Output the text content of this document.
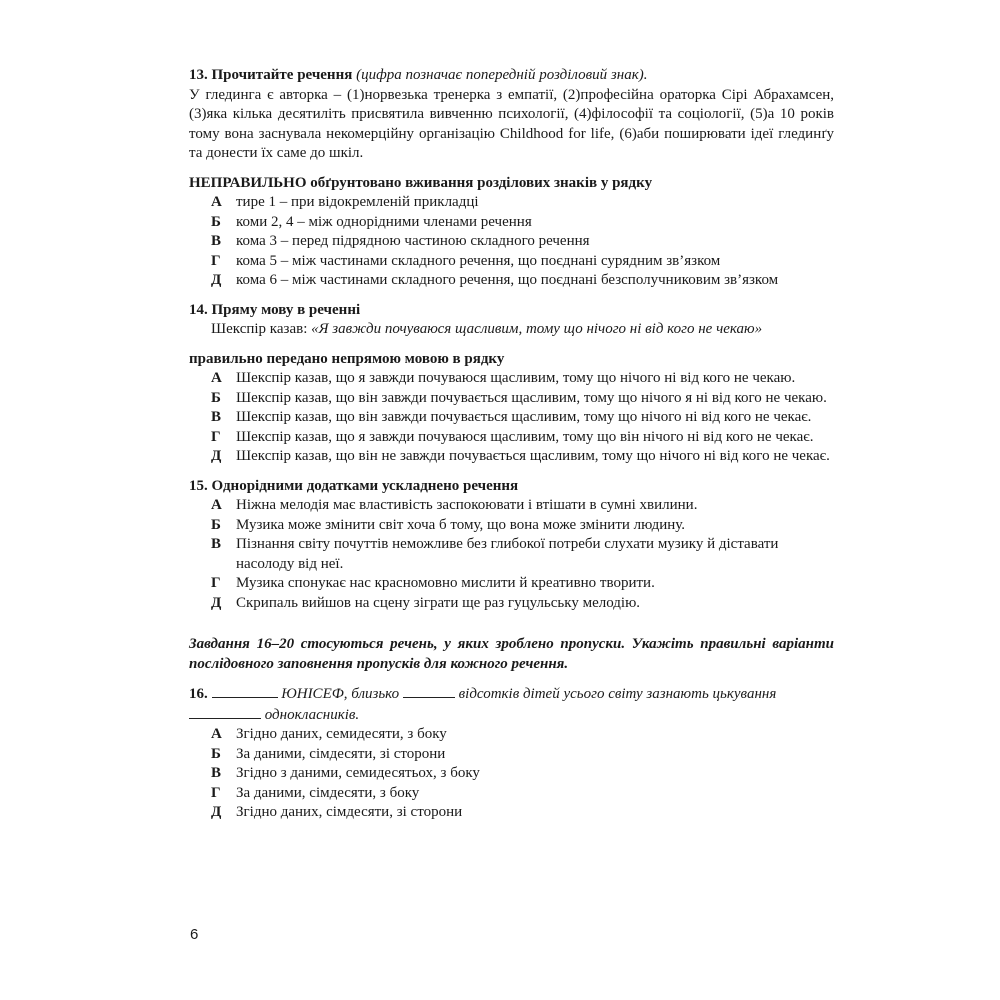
13. Прочитайте речення (цифра позначає попередній розділовий знак).
У глединга є авторка – (1)норвезька тренерка з емпатії, (2)професійна ораторка Сірі Абрахамсен, (3)яка кілька десятиліть присвятила вивченню психології, (4)філософії та соціології, (5)а 10 років тому вона заснувала некомерційну організацію Childhood for life, (6)аби поширювати ідеї глединґу та донести їх саме до шкіл.
НЕПРАВИЛЬНО обґрунтовано вживання розділових знаків у рядку
А тире 1 – при відокремленій прикладці
Б	коми 2, 4 – між однорідними членами речення
В кома 3 – перед підрядною частиною складного речення
Г	кома 5 – між частинами складного речення, що поєднані сурядним зв’язком
Д кома 6 – між частинами складного речення, що поєднані безсполучниковим зв’язком
14. Пряму мову в реченні
Шекспір казав: «Я завжди почуваюся щасливим, тому що нічого ні від кого не чекаю»
правильно передано непрямою мовою в рядку
А Шекспір казав, що я завжди почуваюся щасливим, тому що нічого ні від кого не чекаю.
Б	Шекспір казав, що він завжди почувається щасливим, тому що нічого я ні від кого не чекаю.
В Шекспір казав, що він завжди почувається щасливим, тому що нічого ні від кого не чекає.
Г	Шекспір казав, що я завжди почуваюся щасливим, тому що він нічого ні від кого не чекає.
Д Шекспір казав, що він не завжди почувається щасливим, тому що нічого ні від кого не чекає.
15. Однорідними додатками ускладнено речення
А Ніжна мелодія має властивість заспокоювати і втішати в сумні хвилини.
Б	Музика може змінити світ хоча б тому, що вона може змінити людину.
В Пізнання світу почуттів неможливе без глибокої потреби слухати музику й діставати насолоду від неї.
Г	Музика спонукає нас красномовно мислити й креативно творити.
Д Скрипаль вийшов на сцену зіграти ще раз гуцульську мелодію.
Завдання 16–20 стосуються речень, у яких зроблено пропуски. Укажіть правильні варіанти послідовного заповнення пропусків для кожного речення.
16.	ЮНІСЕФ, близько	відсотків дітей усього світу зазнають цькування  однокласників.
А Згідно даних, семидесяти, з боку
Б	За даними, сімдесяти, зі сторони
В Згідно з даними, семидесятьох, з боку
Г	За даними, сімдесяти, з боку
Д Згідно даних, сімдесяти, зі сторони
6
